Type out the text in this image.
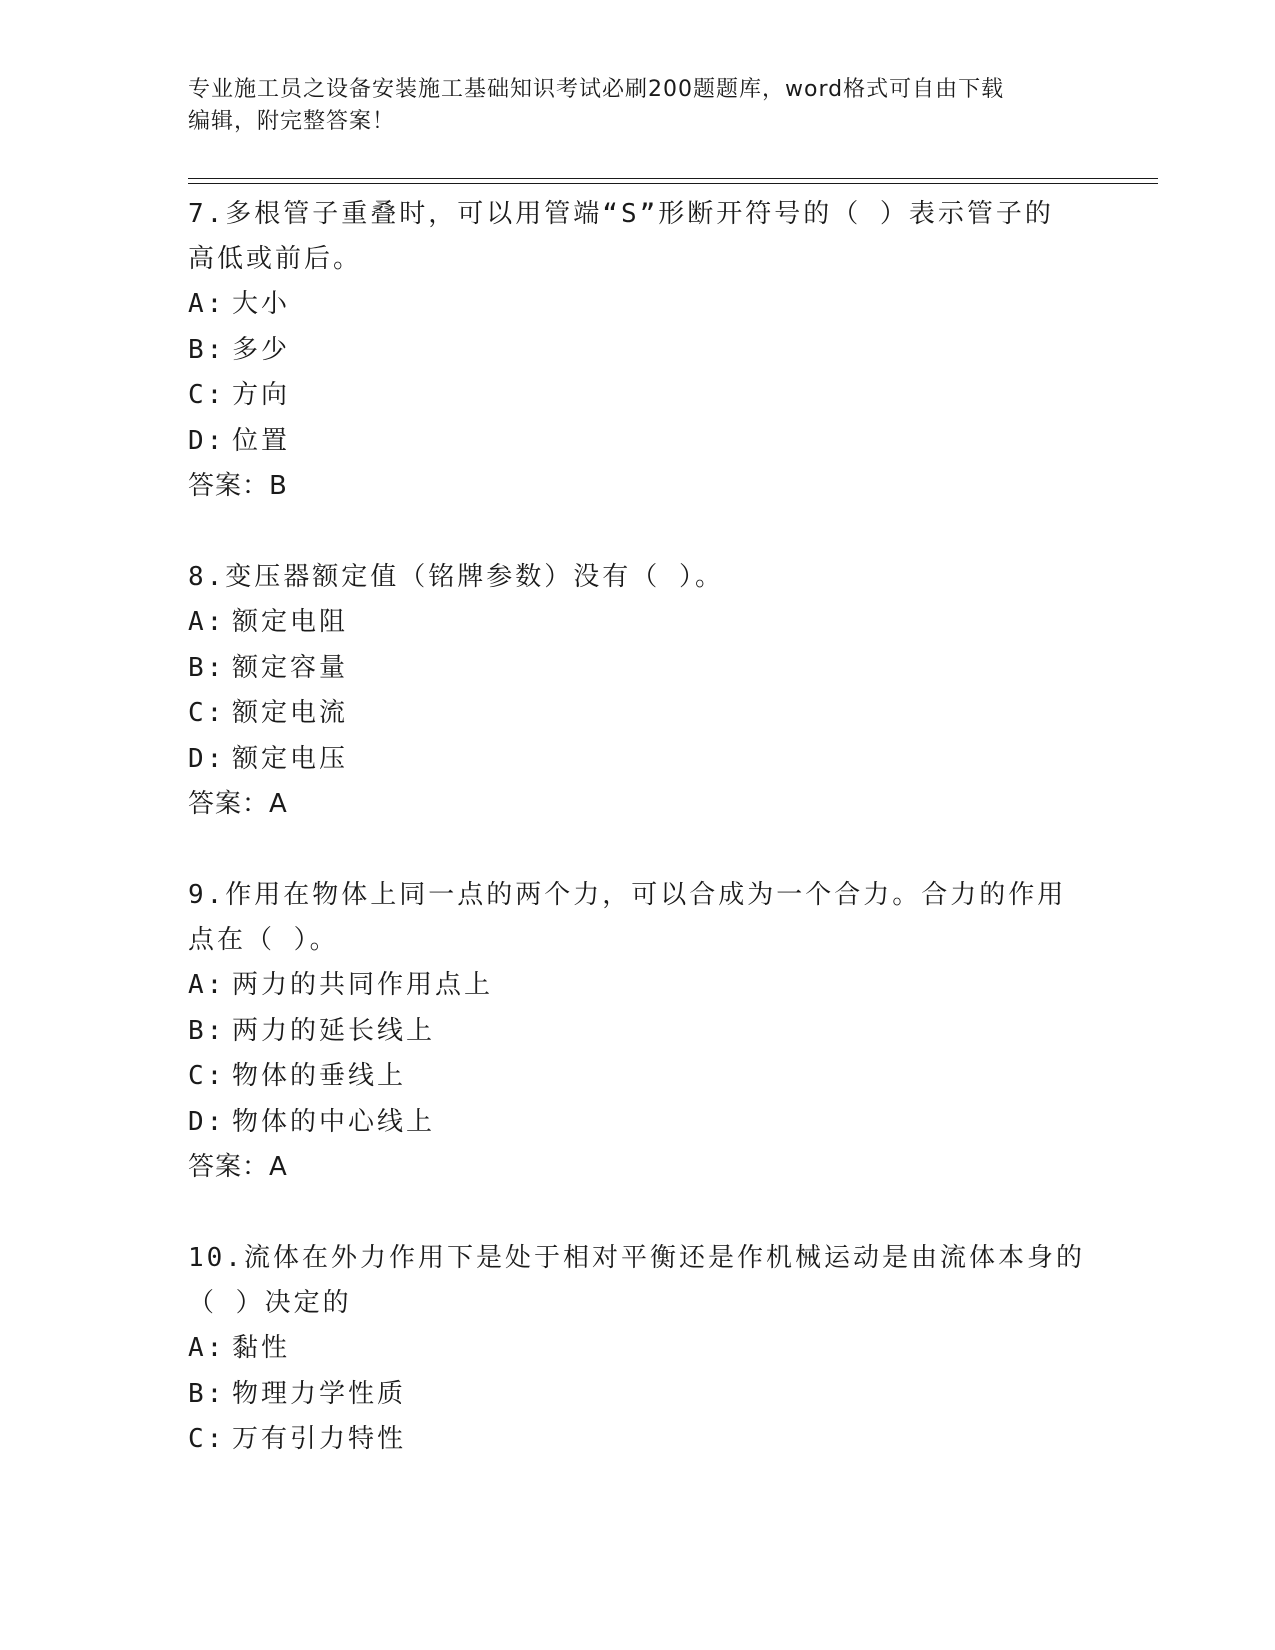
专业施工员之设备安装施工基础知识考试必刷200题题库，word格式可自由下载
编辑，附完整答案！

7.多根管子重叠时，可以用管端“S”形断开符号的（ ）表示管子的

高低或前后。

A: 大小

B: 多少

C: 方向

D: 位置

答案：B

8.变压器额定值（铭牌参数）没有（ ）。

A: 额定电阻

B: 额定容量

C: 额定电流

D: 额定电压

答案：A

9.作用在物体上同一点的两个力，可以合成为一个合力。合力的作用

点在（ ）。

A: 两力的共同作用点上

B: 两力的延长线上

C: 物体的垂线上

D: 物体的中心线上

答案：A

10.流体在外力作用下是处于相对平衡还是作机械运动是由流体本身的

（ ）决定的

A: 黏性

B: 物理力学性质

C: 万有引力特性
